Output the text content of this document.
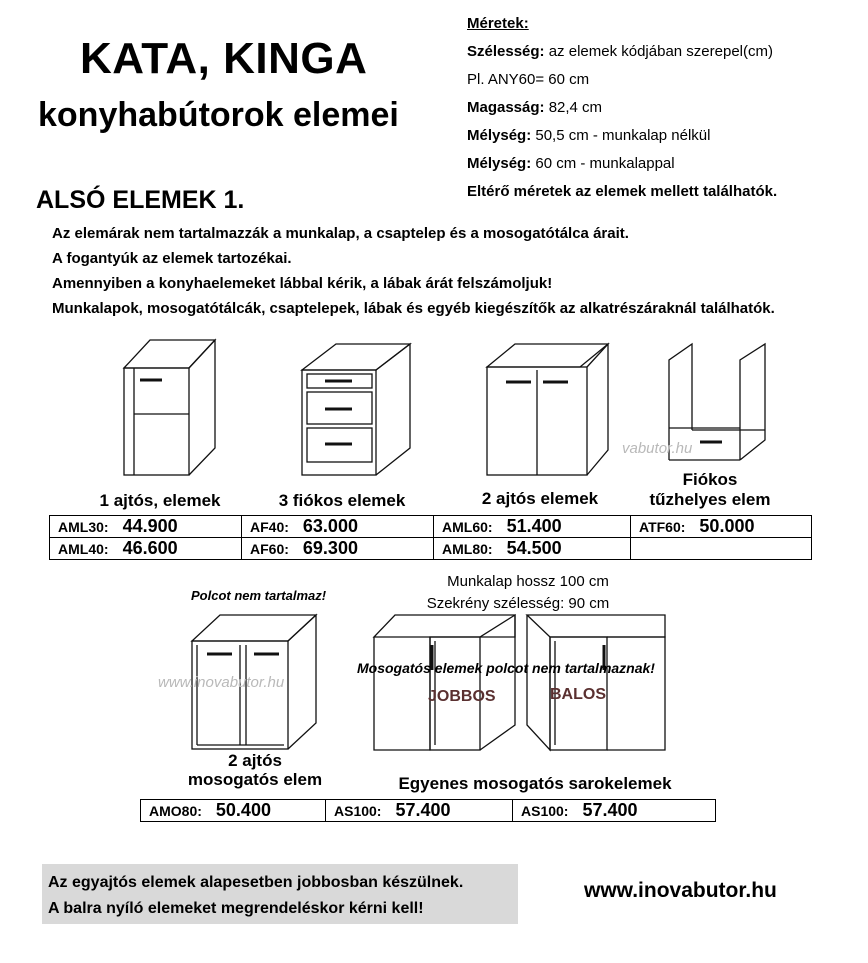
KATA, KINGA
konyhabútorok elemei
Méretek:
Szélesség: az elemek kódjában szerepel(cm)
Pl. ANY60= 60 cm
Magasság: 82,4 cm
Mélység: 50,5 cm - munkalap nélkül
Mélység: 60 cm - munkalappal
Eltérő méretek az elemek mellett találhatók.
ALSÓ ELEMEK 1.
Az elemárak nem tartalmazzák a munkalap, a csaptelep és a mosogatótálca árait.
A fogantyúk az elemek tartozékai.
Amennyiben a konyhaelemeket lábbal kérik, a lábak árát felszámoljuk!
Munkalapok, mosogatótálcák, csaptelepek, lábak és egyéb kiegészítők az alkatrészáraknál találhatók.
vabutor.hu
1 ajtós, elemek	3 fiókos elemek	2 ajtós elemek
Fiókos
tűzhelyes elem
AML30: 44.900	AF40: 63.000	AML60: 51.400	ATF60: 50.000
AML40: 46.600	AF60: 69.300	AML80: 54.500	
Polcot nem tartalmaz!
Munkalap hossz 100 cm
Szekrény szélesség: 90 cm
Mosogatós elemek polcot nem tartalmaznak!
www.inovabutor.hu
JOBBOS	BALOS
2 ajtós
mosogatós elem	Egyenes mosogatós sarokelemek
AMO80: 50.400	AS100: 57.400	AS100: 57.400
Az egyajtós elemek alapesetben jobbosban készülnek.
A balra nyíló elemeket megrendeléskor kérni kell!
www.inovabutor.hu
